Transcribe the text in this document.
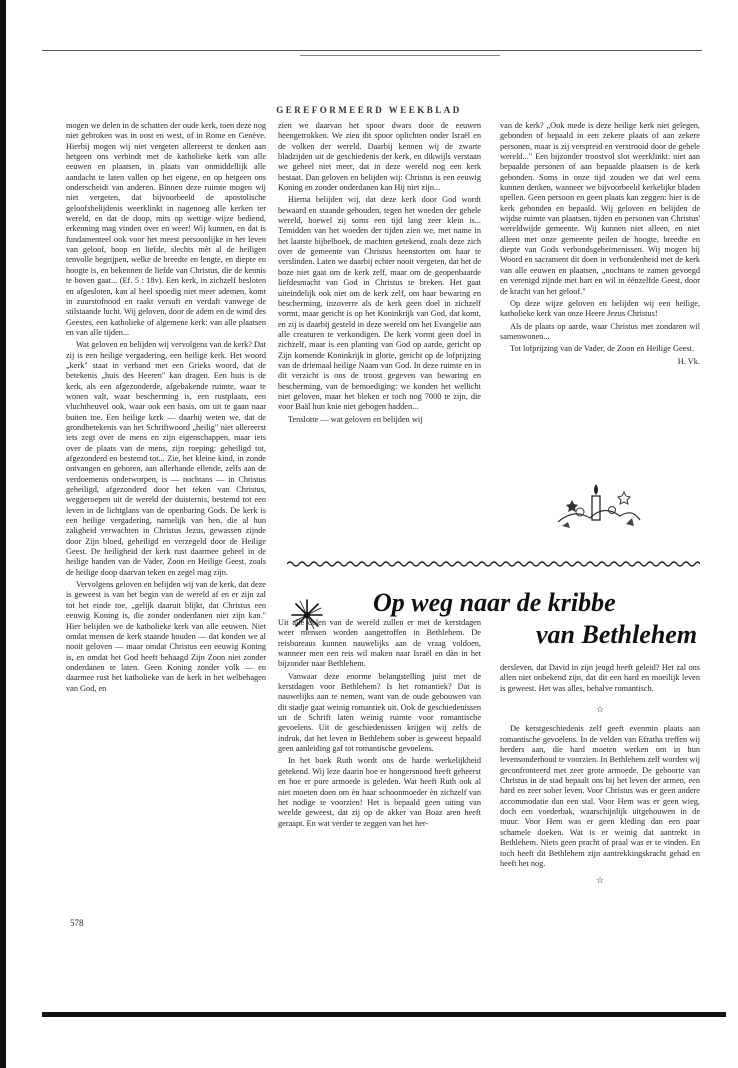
GEREFORMEERD WEEKBLAD

mogen we delen in de schatten der oude kerk, toen deze nog niet gebroken was in oost en west, of in Rome en Genève. Hierbij mogen wij niet vergeten allereerst te denken aan hetgeen ons verbindt met de katholieke kerk van alle eeuwen en plaatsen, in plaats van onmiddellijk alle aandacht te laten vallen op het eigene, en op hetgeen ons onderscheidt van anderen. Binnen deze ruimte mogen wij niet vergeten, dat bijvoorbeeld de apostolische geloofsbelijdenis weerklinkt in nagenoeg alle kerken ter wereld, en dat de doop, mits op wettige wijze bediend, erkenning mag vinden over en weer! Wij kunnen, en dat is fundamenteel ook voor het meest persoonlijke in het leven van geloof, hoop en liefde, slechts mèt al de heiligen tenvolle begrijpen, welke de breedte en lengte, en diepte en hoogte is, en bekennen de liefde van Christus, die de kennis te boven gaat... (Ef. 5 : 18v). Een kerk, in zichzelf besloten en afgesloten, kan al heel spoedig niet meer ademen, komt in zuurstofnood en raakt versuft en verdaft vanwege de stilstaande lucht. Wij geloven, door de adem en de wind des Geestes, een katholieke of algemene kerk: van alle plaatsen en van alle tijden...

Wat geloven en belijden wij vervolgens van de kerk? Dat zij is een heilige vergadering, een heilige kerk. Het woord „kerk" staat in verband met een Grieks woord, dat de betekenis „huis des Heeren" kan dragen. Een huis is de kerk, als een afgezonderde, afgebakende ruimte, waar te wonen valt, waar bescherming is, een rustplaats, een vluchtheuvel ook, waar ook een basis, om uit te gaan naar buiten toe. Een heilige kerk — daarbij weten we, dat de grondbetekenis van het Schriftwoord „heilig" niet allereerst iets zegt over de mens en zijn eigenschappen, maar iets over de plaats van de mens, zijn roeping: geheiligd tot, afgezonderd en bestemd tot... Zie, het kleine kind, in zonde ontvangen en geboren, aan allerhande ellende, zelfs aan de verdoemenis onderworpen, is — nochtans — in Christus geheiligd, afgezonderd door het teken van Christus, weggeroepen uit de wereld der duisternis, bestemd tot een leven in de lichtglans van de openbaring Gods. De kerk is een heilige vergadering, namelijk van hen, die al hun zaligheid verwachten in Christus Jezus, gewassen zijnde door Zijn bloed, geheiligd en verzegeld door de Heilige Geest. De heiligheid der kerk rust daarmee geheel in de heilige handen van de Vader, Zoon en Heilige Geest, zoals de heilige doop daarvan teken en zegel mag zijn.

Vervolgens geloven en belijden wij van de kerk, dat deze is geweest is van het begin van de wereld af en er zijn zal tot het einde toe, „gelijk daaruit blijkt, dat Christus een eeuwig Koning is, die zonder onderdanen niet zijn kan." Hier belijden we de katholieke kerk van alle eeuwen. Niet omdat mensen de kerk staande houden — dat konden we al nooit geloven — maar omdat Christus een eeuwig Koning is, en omdat het God heeft behaagd Zijn Zoon niet zonder onderdanen te laten. Geen Koning zonder volk — en daarmee rust het katholieke van de kerk in het welbehagen van God, en

zien we daarvan het spoor dwars door de eeuwen heengetrokken. We zien dit spoor oplichten onder Israël en de volken der wereld. Daarbij kennen wij de zwarte bladzijden uit de geschiedenis der kerk, en dikwijls verstaan we geheel niet meer, dat in deze wereld nog een kerk bestaat. Dan geloven en belijden wij: Christus is een eeuwig Koning en zonder onderdanen kan Hij niet zijn...

Hierna belijden wij, dat deze kerk door God wordt bewaard en staande gehouden, tegen het woeden der gehele wereld, hoewel zij soms een tijd lang zeer klein is... Temidden van het woeden der tijden zien we, met name in het laatste bijbelboek, de machten getekend, zoals deze zich over de gemeente van Christus heenstorten om haar te verslinden. Laten we daarbij echter nooit vergeten, dat het de boze niet gaat om de kerk zelf, maar om de geopenbaarde liefdesmacht van God in Christus te breken. Het gaat uiteindelijk ook niet om de kerk zelf, om haar bewaring en bescherming, inzoverre als de kerk geen doel in zichzelf vormt, maar gericht is op het Koninkrijk van God, dat komt, en zij is daarbij gesteld in deze wereld om het Evangelie aan alle creaturen te verkondigen. De kerk vormt geen doel in zichzelf, maar is een planting van God op aarde, gericht op Zijn komende Koninkrijk in glorie, gericht op de lofprijzing van de driemaal heilige Naam van God. In deze ruimte en in dit verzicht is ons de troost gegeven van bewaring en bescherming, van de bemoediging: we konden het wellicht niet geloven, maar het bleken er toch nog 7000 te zijn, die voor Baäl hun knie niet gebogen hadden...

Tenslotte — wat geloven en belijden wij

van de kerk? „Ook mede is deze heilige kerk niet gelegen, gebonden of bepaald in een zekere plaats of aan zekere personen, maar is zij verspreid en verstrooid door de gehele wereld..." Een bijzonder troostvol slot weerklinkt: niet aan bepaalde personen of aan bepaalde plaatsen is de kerk gebonden. Soms in onze tijd zouden we dat wel eens kunnen denken, wanneer we bijvoorbeeld kerkelijke bladen spellen. Geen persoon en geen plaats kan zeggen: hier is de kerk gebonden en bepaald. Wij geloven en belijden de wijdse ruimte van plaatsen, tijden en personen van Christus' wereldwijde gemeente. Wij kunnen niet alleen, en niet alleen met onze gemeente peilen de hoogte, breedte en diepte van Gods verbondsgeheimenissen. Wij mogen bij Woord en sacrament dit doen in verbondenheid met de kerk van alle eeuwen en plaatsen, „nochtans te zamen gevoegd en verenigd zijnde met hart en wil in éénzelfde Geest, door de kracht van het geloof."

Op deze wijze geloven en belijden wij een heilige, katholieke kerk van onze Heere Jezus Christus!

Als de plaats op aarde, waar Christus met zondaren wil samenwonen...

Tot lofprijzing van de Vader, de Zoon en Heilige Geest.

H. Vk.

Op weg naar de kribbe
van Bethlehem

Uit alle delen van de wereld zullen er met de kerstdagen weer mensen worden aangetroffen in Bethlehem. De reisbureaus kunnen nauwelijks aan de vraag voldoen, wanneer men een reis wil maken naar Israël en dàn in het bijzonder naar Bethlehem.

Vanwaar deze enorme belangstelling juist met de kerstdagen voor Bethlehem? Is het romantiek? Dat is nauwelijks aan te nemen, want van de oude gebouwen van dit stadje gaat weinig romantiek uit. Ook de geschiedenissen uit de Schrift laten weinig ruimte voor romantische gevoelens. Uit de geschiedenissen krijgen wij zelfs de indruk, dat het leven in Bethlehem sober is geweest bepaald geen aanleiding gaf tot romantische gevoelens.

In het boek Ruth wordt ons de harde werkelijkheid getekend. Wij leze daarin hoe er hongersnood heeft geheerst en hoe er pure armoede is geleden. Wat heeft Ruth ook al niet moeten doen om èn haar schoonmoeder èn zichzelf van het nodige te voorzien! Het is bepaald geen uiting van weelde geweest, dat zij op de akker van Boaz aren heeft geraapt. En wat verder te zeggen van het her-

dersleven, dat David in zijn jeugd heeft geleid? Het zal ons allen niet onbekend zijn, dat dit een hard en moeilijk leven is geweest. Het was alles, behalve romantisch.

☆

De kerstgeschiedenis zelf geeft evenmin plaats aan romantische gevoelens. In de velden van Efratha treffen wij herders aan, die hard moeten werken om in hun levensonderhoud te voorzien. In Bethlehem zelf worden wij geconfronteerd met zeer grote armoede. De geboorte van Christus in de stad bepaalt ons bij het leven der armen, een hard en zeer sober leven. Voor Christus was er geen andere accommodatie dan een stal. Voor Hem was er geen wieg, doch een voederbak, waarschijnlijk uitgehouwen in de muur. Voor Hem was er geen kleding dan een paar schamele doeken. Wat is er weinig dat aantrekt in Bethlehem. Niets geen pracht of praal was er te vinden. En toch heeft dit Bethlehem zijn aantrekkingskracht gehad en heeft het nog.

☆

578
